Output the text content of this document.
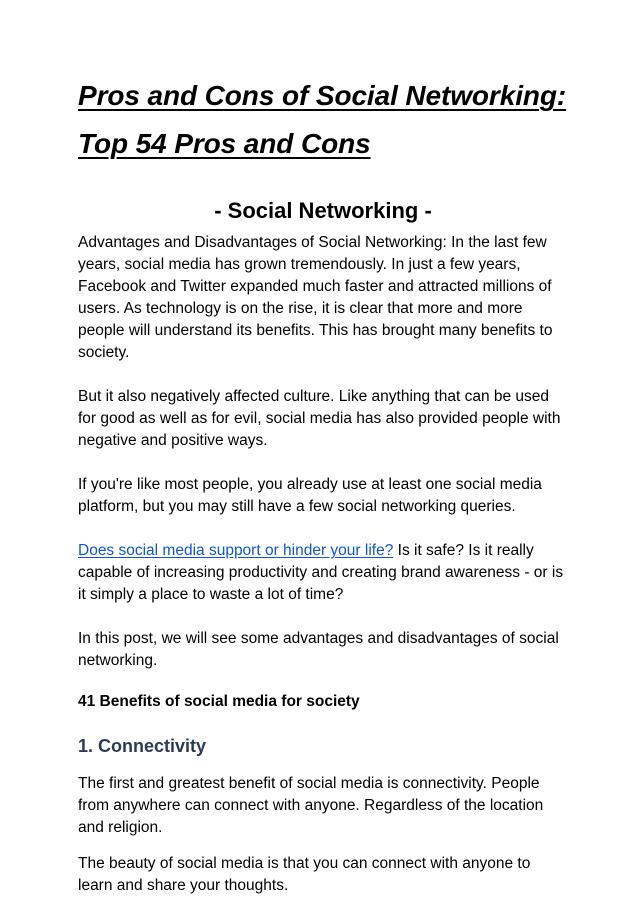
Pros and Cons of Social Networking: Top 54 Pros and Cons
- Social Networking -

Advantages and Disadvantages of Social Networking: In the last few years, social media has grown tremendously. In just a few years, Facebook and Twitter expanded much faster and attracted millions of users. As technology is on the rise, it is clear that more and more people will understand its benefits. This has brought many benefits to society.

But it also negatively affected culture. Like anything that can be used for good as well as for evil, social media has also provided people with negative and positive ways.

If you're like most people, you already use at least one social media platform, but you may still have a few social networking queries.

Does social media support or hinder your life? Is it safe? Is it really capable of increasing productivity and creating brand awareness - or is it simply a place to waste a lot of time?

In this post, we will see some advantages and disadvantages of social networking.

41 Benefits of social media for society
1. Connectivity

The first and greatest benefit of social media is connectivity. People from anywhere can connect with anyone. Regardless of the location and religion.

The beauty of social media is that you can connect with anyone to learn and share your thoughts.
